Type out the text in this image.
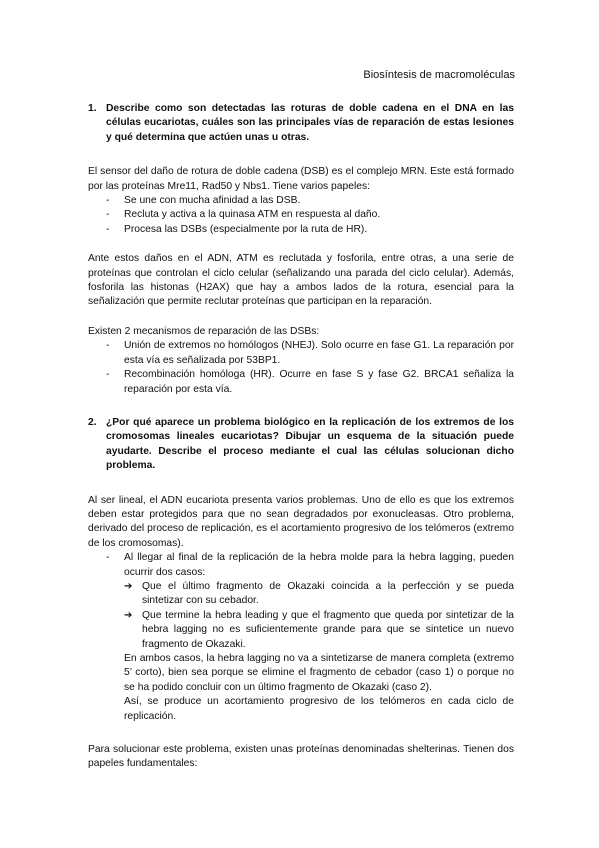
Biosíntesis de macromoléculas
1. Describe como son detectadas las roturas de doble cadena en el DNA en las células eucariotas, cuáles son las principales vías de reparación de estas lesiones y qué determina que actúen unas u otras.

El sensor del daño de rotura de doble cadena (DSB) es el complejo MRN. Este está formado por las proteínas Mre11, Rad50 y Nbs1. Tiene varios papeles:

- Se une con mucha afinidad a las DSB.
- Recluta y activa a la quinasa ATM en respuesta al daño.
- Procesa las DSBs (especialmente por la ruta de HR).

Ante estos daños en el ADN, ATM es reclutada y fosforila, entre otras, a una serie de proteínas que controlan el ciclo celular (señalizando una parada del ciclo celular). Además, fosforila las histonas (H2AX) que hay a ambos lados de la rotura, esencial para la señalización que permite reclutar proteínas que participan en la reparación.

Existen 2 mecanismos de reparación de las DSBs:

- Unión de extremos no homólogos (NHEJ). Solo ocurre en fase G1. La reparación por esta vía es señalizada por 53BP1.
- Recombinación homóloga (HR). Ocurre en fase S y fase G2. BRCA1 señaliza la reparación por esta vía.
2. ¿Por qué aparece un problema biológico en la replicación de los extremos de los cromosomas lineales eucariotas? Dibujar un esquema de la situación puede ayudarte. Describe el proceso mediante el cual las células solucionan dicho problema.

Al ser lineal, el ADN eucariota presenta varios problemas. Uno de ello es que los extremos deben estar protegidos para que no sean degradados por exonucleasas. Otro problema, derivado del proceso de replicación, es el acortamiento progresivo de los telómeros (extremo de los cromosomas).

- Al llegar al final de la replicación de la hebra molde para la hebra lagging, pueden ocurrir dos casos:
➔ Que el último fragmento de Okazaki coincida a la perfección y se pueda sintetizar con su cebador.
➔ Que termine la hebra leading y que el fragmento que queda por sintetizar de la hebra lagging no es suficientemente grande para que se sintetice un nuevo fragmento de Okazaki.

En ambos casos, la hebra lagging no va a sintetizarse de manera completa (extremo 5’ corto), bien sea porque se elimine el fragmento de cebador (caso 1) o porque no se ha podido concluir con un último fragmento de Okazaki (caso 2).

Así, se produce un acortamiento progresivo de los telómeros en cada ciclo de replicación.

Para solucionar este problema, existen unas proteínas denominadas shelterinas. Tienen dos papeles fundamentales:
